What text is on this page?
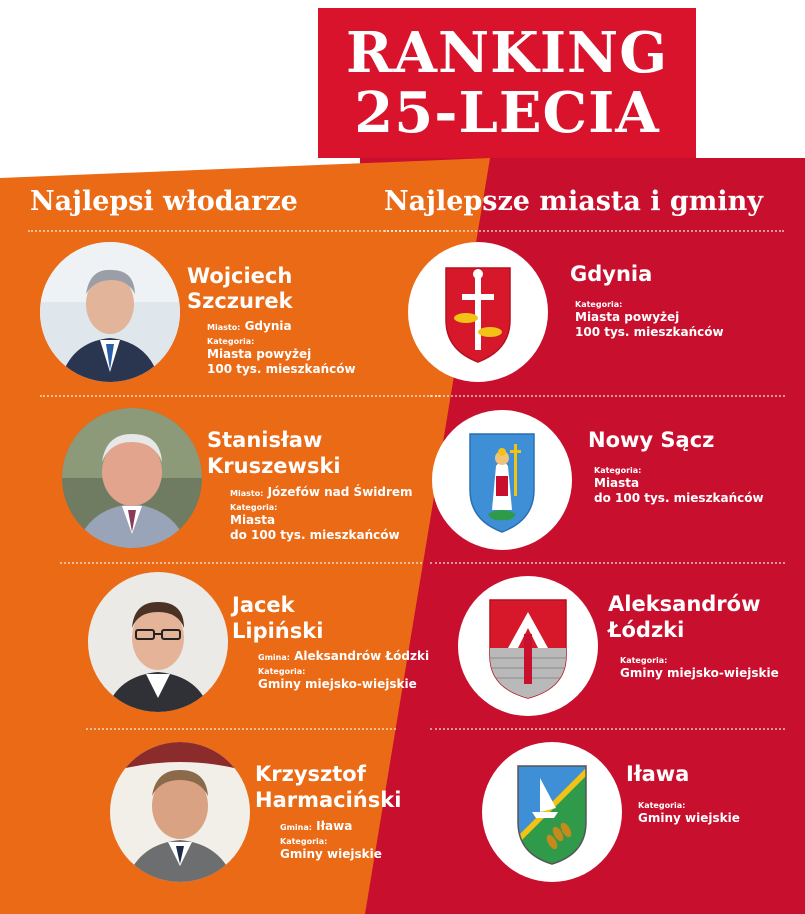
RANKING
25-LECIA
Najlepsi włodarze	Najlepsze miasta i gminy
Wojciech
Szczurek
Miasto: Gdynia
Kategoria:
Miasta powyżej
100 tys. mieszkańców
Stanisław
Kruszewski
Miasto: Józefów nad Świdrem
Kategoria:
Miasta
do 100 tys. mieszkańców
Jacek
Lipiński
Gmina: Aleksandrów Łódzki
Kategoria:
Gminy miejsko-wiejskie
Krzysztof
Harmaciński
Gmina: Iława
Kategoria:
Gminy wiejskie
Gdynia
Kategoria:
Miasta powyżej
100 tys. mieszkańców
Nowy Sącz
Kategoria:
Miasta
do 100 tys. mieszkańców
Aleksandrów
Łódzki
Kategoria:
Gminy miejsko-wiejskie
Iława
Kategoria:
Gminy wiejskie
